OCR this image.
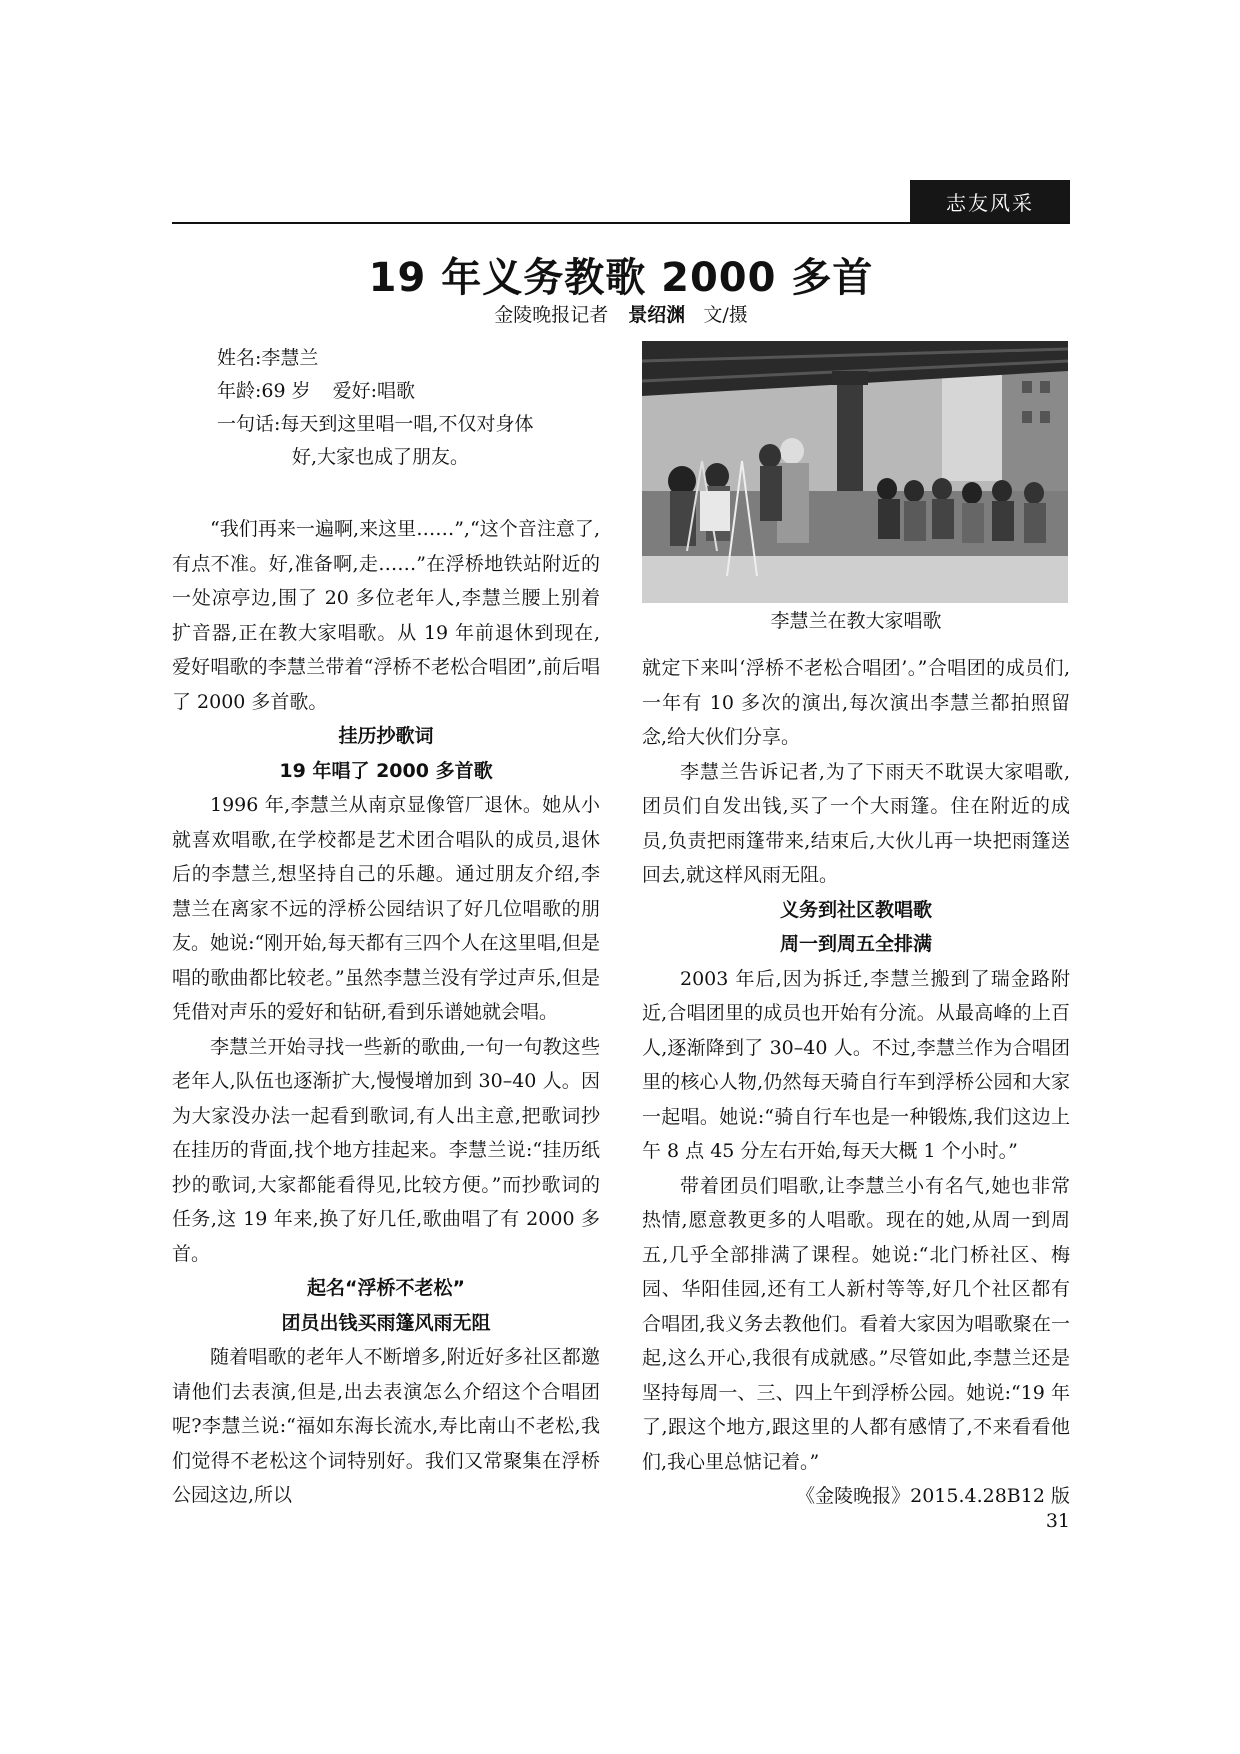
志友风采
19 年义务教歌 2000 多首
金陵晚报记者 景绍渊 文/摄
姓名:李慧兰
年龄:69 岁 爱好:唱歌
一句话:每天到这里唱一唱,不仅对身体
好,大家也成了朋友。

“我们再来一遍啊,来这里……”,“这个音注意了,有点不准。好,准备啊,走……”在浮桥地铁站附近的一处凉亭边,围了 20 多位老年人,李慧兰腰上别着扩音器,正在教大家唱歌。从 19 年前退休到现在,爱好唱歌的李慧兰带着“浮桥不老松合唱团”,前后唱了 2000 多首歌。

挂历抄歌词
19 年唱了 2000 多首歌

1996 年,李慧兰从南京显像管厂退休。她从小就喜欢唱歌,在学校都是艺术团合唱队的成员,退休后的李慧兰,想坚持自己的乐趣。通过朋友介绍,李慧兰在离家不远的浮桥公园结识了好几位唱歌的朋友。她说:“刚开始,每天都有三四个人在这里唱,但是唱的歌曲都比较老。”虽然李慧兰没有学过声乐,但是凭借对声乐的爱好和钻研,看到乐谱她就会唱。

李慧兰开始寻找一些新的歌曲,一句一句教这些老年人,队伍也逐渐扩大,慢慢增加到 30–40 人。因为大家没办法一起看到歌词,有人出主意,把歌词抄在挂历的背面,找个地方挂起来。李慧兰说:“挂历纸抄的歌词,大家都能看得见,比较方便。”而抄歌词的任务,这 19 年来,换了好几任,歌曲唱了有 2000 多首。

起名“浮桥不老松”
团员出钱买雨篷风雨无阻

随着唱歌的老年人不断增多,附近好多社区都邀请他们去表演,但是,出去表演怎么介绍这个合唱团呢?李慧兰说:“福如东海长流水,寿比南山不老松,我们觉得不老松这个词特别好。我们又常聚集在浮桥公园这边,所以

李慧兰在教大家唱歌

就定下来叫‘浮桥不老松合唱团’。”合唱团的成员们,一年有 10 多次的演出,每次演出李慧兰都拍照留念,给大伙们分享。

李慧兰告诉记者,为了下雨天不耽误大家唱歌,团员们自发出钱,买了一个大雨篷。住在附近的成员,负责把雨篷带来,结束后,大伙儿再一块把雨篷送回去,就这样风雨无阻。

义务到社区教唱歌
周一到周五全排满

2003 年后,因为拆迁,李慧兰搬到了瑞金路附近,合唱团里的成员也开始有分流。从最高峰的上百人,逐渐降到了 30–40 人。不过,李慧兰作为合唱团里的核心人物,仍然每天骑自行车到浮桥公园和大家一起唱。她说:“骑自行车也是一种锻炼,我们这边上午 8 点 45 分左右开始,每天大概 1 个小时。”

带着团员们唱歌,让李慧兰小有名气,她也非常热情,愿意教更多的人唱歌。现在的她,从周一到周五,几乎全部排满了课程。她说:“北门桥社区、梅园、华阳佳园,还有工人新村等等,好几个社区都有合唱团,我义务去教他们。看着大家因为唱歌聚在一起,这么开心,我很有成就感。”尽管如此,李慧兰还是坚持每周一、三、四上午到浮桥公园。她说:“19 年了,跟这个地方,跟这里的人都有感情了,不来看看他们,我心里总惦记着。”

《金陵晚报》2015.4.28B12 版
31
